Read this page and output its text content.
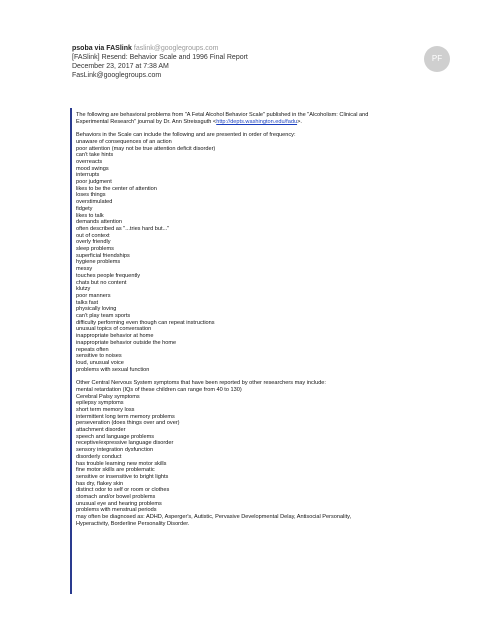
psoba via FASlink faslink@googlegroups.com
[FASlink] Resend: Behavior Scale and 1996 Final Report
December 23, 2017 at 7:38 AM
FasLink@googlegroups.com
PF
The following are behavioral problems from "A Fetal Alcohol Behavior Scale" published in the "Alcoholism: Clinical and
Experimental Research" journal by Dr. Ann Streissguth <http://depts.washington.edu/fadu>.
Behaviors in the Scale can include the following and are presented in order of frequency:
unaware of consequences of an action
poor attention (may not be true attention deficit disorder)
can't take hints
overreacts
mood swings
interrupts
poor judgment
likes to be the center of attention
loses things
overstimulated
fidgety
likes to talk
demands attention
often described as "...tries hard but..."
out of context
overly friendly
sleep problems
superficial friendships
hygiene problems
messy
touches people frequently
chats but no content
klutzy
poor manners
talks fast
physically loving
can't play team sports
difficulty performing even though can repeat instructions
unusual topics of conversation
inappropriate behavior at home
inappropriate behavior outside the home
repeats often
sensitive to noises
loud, unusual voice
problems with sexual function
Other Central Nervous System symptoms that have been reported by other researchers may include:
mental retardation (IQs of these children can range from 40 to 130)
Cerebral Palsy symptoms
epilepsy symptoms
short term memory loss
intermittent long term memory problems
perseveration (does things over and over)
attachment disorder
speech and language problems
receptive/expressive language disorder
sensory integration dysfunction
disorderly conduct
has trouble learning new motor skills
fine motor skills are problematic
sensitive or insensitive to bright lights
has dry, flakey skin
distinct odor to self or room or clothes
stomach and/or bowel problems
unusual eye and hearing problems
problems with menstrual periods
may often be diagnosed as: ADHD, Asperger's, Autistic, Pervasive Developmental Delay, Antisocial Personality,
Hyperactivity, Borderline Personality Disorder.
